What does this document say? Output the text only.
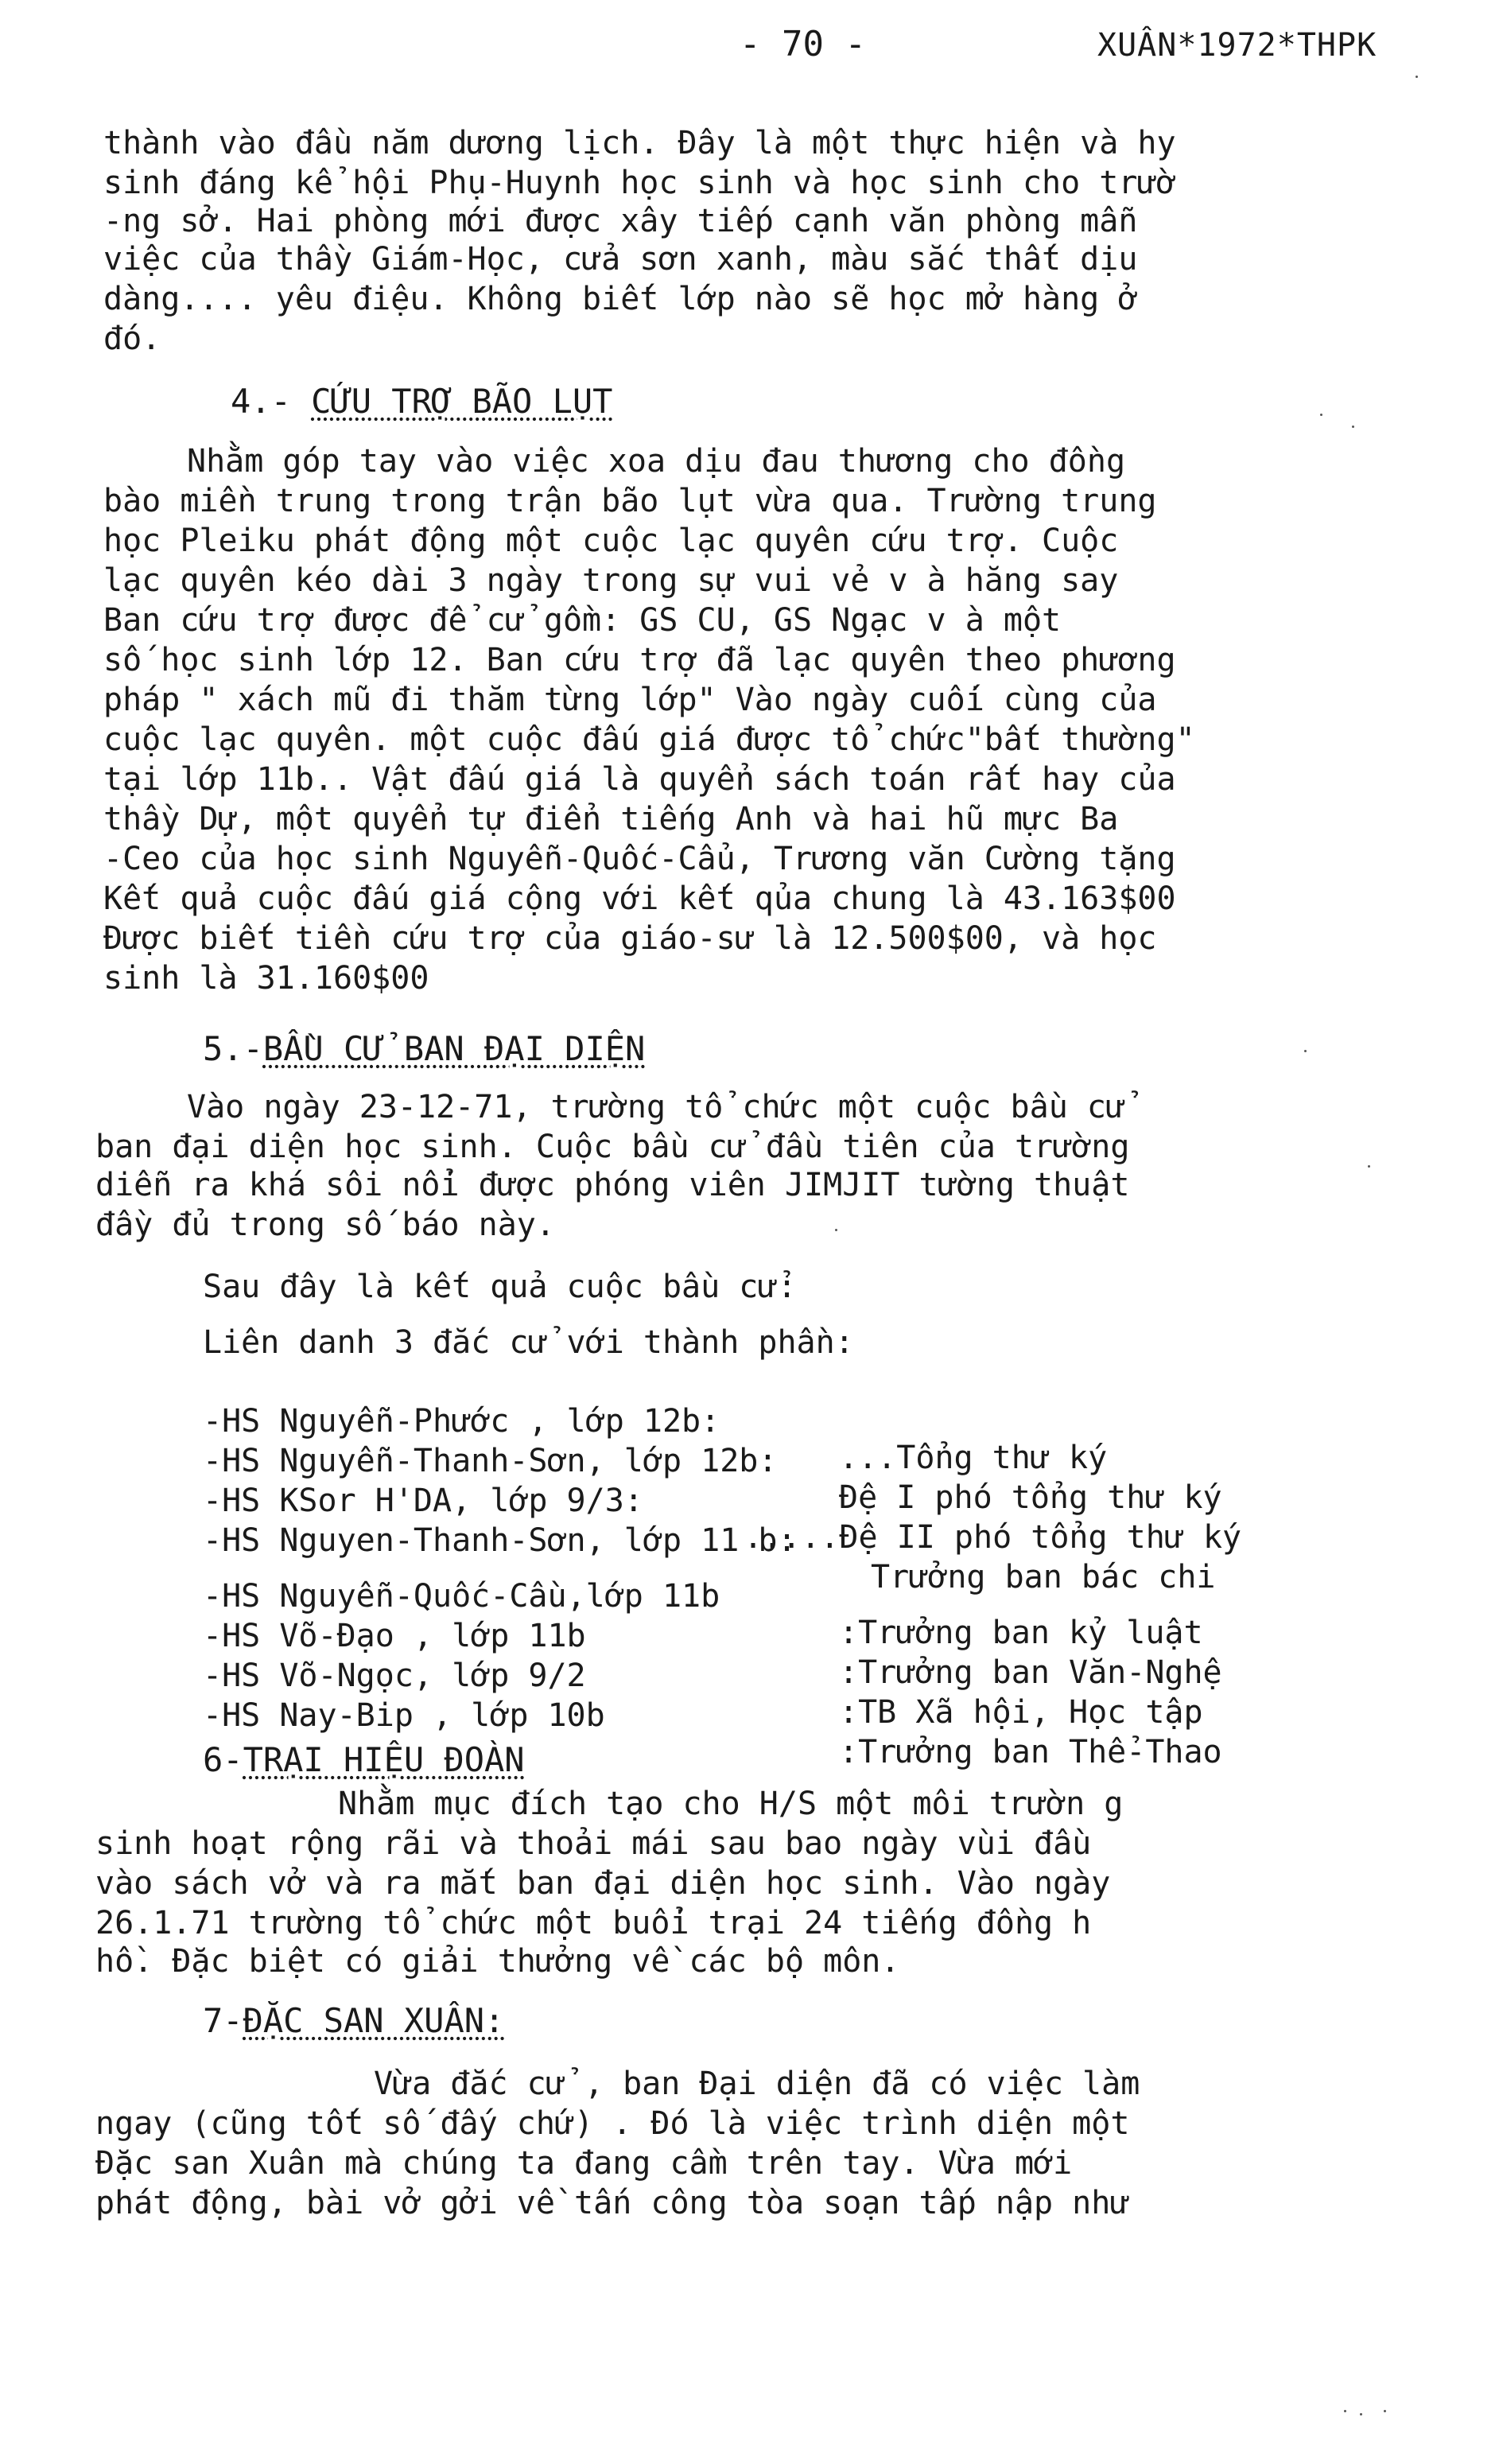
- 70 -	XUÂN*1972*THPK
thành vào đầu năm dương lịch. Đây là một thực hiện và hy
sinh đáng kể hội Phụ-Huynh học sinh và học sinh cho trườ
-ng sở. Hai phòng mới được xây tiếp cạnh văn phòng mẫn
việc của thầy Giám-Học, cửa sơn xanh, màu sắc thất dịu
dàng.... yêu điệu. Không biết lớp nào sẽ học mở hàng ở
đó.
4.- CỨU TRỢ BÃO LỤT
Nhằm góp tay vào việc xoa dịu đau thương cho đồng
bào miền trung trong trận bão lụt vừa qua. Trường trung
học Pleiku phát động một cuộc lạc quyên cứu trợ. Cuộc
lạc quyên kéo dài 3 ngày trong sự vui vẻ v à hăng say
Ban cứu trợ được để cử gồm: GS CU, GS Ngạc v à một
số học sinh lớp 12. Ban cứu trợ đã lạc quyên theo phương
pháp " xách mũ đi thăm từng lớp" Vào ngày cuối cùng của
cuộc lạc quyên. một cuộc đấu giá được tổ chức"bất thường"
tại lớp 11b.. Vật đấu giá là quyển sách toán rất hay của
thầy Dự, một quyển tự điển tiếng Anh và hai hũ mực Ba
-Ceo của học sinh Nguyễn-Quốc-Cẩu, Trương văn Cường tặng
Kết quả cuộc đấu giá cộng với kết qủa chung là 43.163$00
Được biết tiền cứu trợ của giáo-sư là 12.500$00, và học
sinh là 31.160$00
5.-BẦU CỬ BAN ĐẠI DIỆN
Vào ngày 23-12-71, trường tổ chức một cuộc bầu cử
ban đại diện học sinh. Cuộc bầu cử đầu tiên của trường
diễn ra khá sôi nổi được phóng viên JIMJIT tường thuật
đầy đủ trong số báo này.
Sau đây là kết quả cuộc bầu cử:
Liên danh 3 đắc cử với thành phần:

-HS Nguyễn-Phước , lớp 12b:

...Tổng thư ký

-HS Nguyễn-Thanh-Sơn, lớp 12b:

Đệ I phó tổng thư ký

-HS KSor H'DA, lớp 9/3:

.....Đệ II phó tổng thư ký

-HS Nguyen-Thanh-Sơn, lớp 11 b:

Trưởng ban bác chi

-HS Nguyễn-Quốc-Cầu,lớp 11b

:Trưởng ban kỷ luật

-HS Võ-Đạo , lớp 11b

:Trưởng ban Văn-Nghệ

-HS Võ-Ngọc, lớp 9/2

:TB Xã hội, Học tập

-HS Nay-Bip , lớp 10b

:Trưởng ban Thể-Thao

6-TRẠI HIỆU ĐOÀN
Nhằm mục đích tạo cho H/S một môi trườn g
sinh hoạt rộng rãi và thoải mái sau bao ngày vùi đầu
vào sách vở và ra mắt ban đại diện học sinh. Vào ngày
26.1.71 trường tổ chức một buổi trại 24 tiếng đồng h
hồ. Đặc biệt có giải thưởng về các bộ môn.
7-ĐẶC SAN XUÂN:
Vừa đắc cử , ban Đại diện đã có việc làm
ngay (cũng tốt số đấy chứ) . Đó là việc trình diện một
Đặc san Xuân mà chúng ta đang cầm trên tay. Vừa mới
phát động, bài vở gởi về tấn công tòa soạn tấp nập như
